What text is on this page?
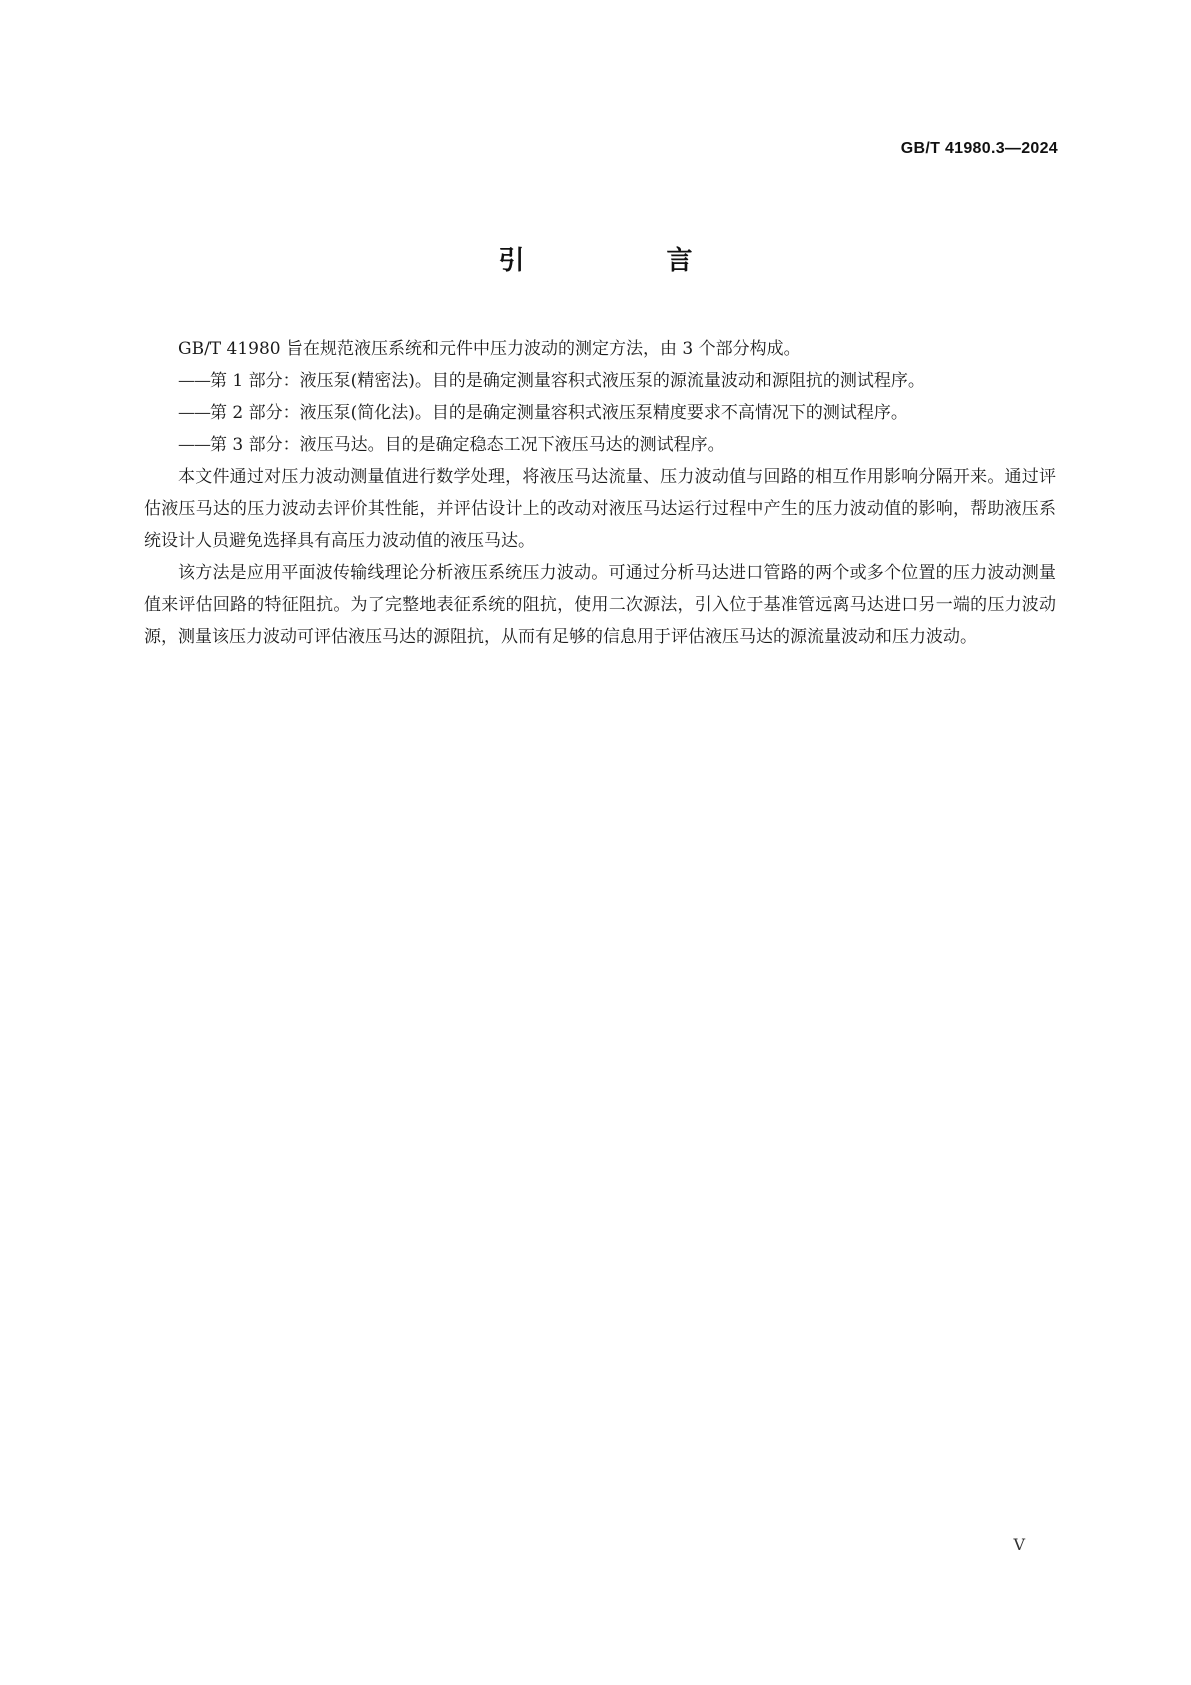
GB/T 41980.3—2024
引　言

GB/T 41980 旨在规范液压系统和元件中压力波动的测定方法，由 3 个部分构成。

——第 1 部分：液压泵(精密法)。目的是确定测量容积式液压泵的源流量波动和源阻抗的测试程序。

——第 2 部分：液压泵(简化法)。目的是确定测量容积式液压泵精度要求不高情况下的测试程序。

——第 3 部分：液压马达。目的是确定稳态工况下液压马达的测试程序。

本文件通过对压力波动测量值进行数学处理，将液压马达流量、压力波动值与回路的相互作用影响分隔开来。通过评估液压马达的压力波动去评价其性能，并评估设计上的改动对液压马达运行过程中产生的压力波动值的影响，帮助液压系统设计人员避免选择具有高压力波动值的液压马达。

该方法是应用平面波传输线理论分析液压系统压力波动。可通过分析马达进口管路的两个或多个位置的压力波动测量值来评估回路的特征阻抗。为了完整地表征系统的阻抗，使用二次源法，引入位于基准管远离马达进口另一端的压力波动源，测量该压力波动可评估液压马达的源阻抗，从而有足够的信息用于评估液压马达的源流量波动和压力波动。

V
